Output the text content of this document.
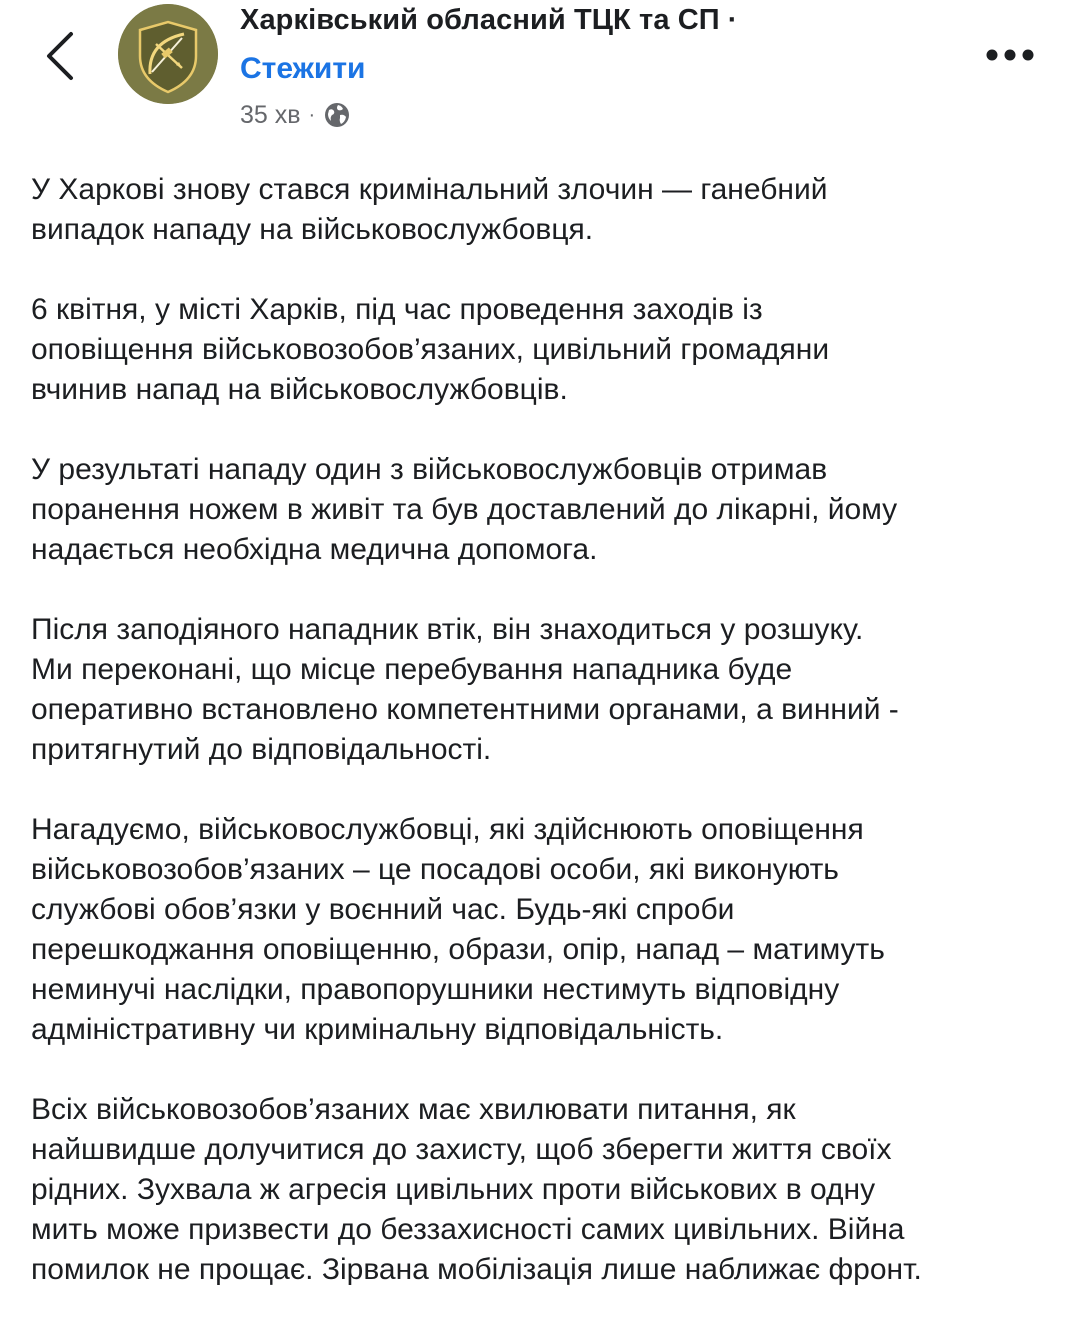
Харківський обласний ТЦК та СП ·
Стежити
35 хв ·

У Харкові знову стався кримінальний злочин — ганебний
випадок нападу на військовослужбовця.

6 квітня, у місті Харків, під час проведення заходів із
оповіщення військовозобов’язаних, цивільний громадяни
вчинив напад на військовослужбовців.

У результаті нападу один з військовослужбовців отримав
поранення ножем в живіт та був доставлений до лікарні, йому
надається необхідна медична допомога.

Після заподіяного нападник втік, він знаходиться у розшуку.
Ми переконані, що місце перебування нападника буде
оперативно встановлено компетентними органами, а винний -
притягнутий до відповідальності.

Нагадуємо, військовослужбовці, які здійснюють оповіщення
військовозобов’язаних – це посадові особи, які виконують
службові обов’язки у воєнний час. Будь-які спроби
перешкоджання оповіщенню, образи, опір, напад – матимуть
неминучі наслідки, правопорушники нестимуть відповідну
адміністративну чи кримінальну відповідальність.

Всіх військовозобов’язаних має хвилювати питання, як
найшвидше долучитися до захисту, щоб зберегти життя своїх
рідних. Зухвала ж агресія цивільних проти військових в одну
мить може призвести до беззахисності самих цивільних. Війна
помилок не прощає. Зірвана мобілізація лише наближає фронт.
